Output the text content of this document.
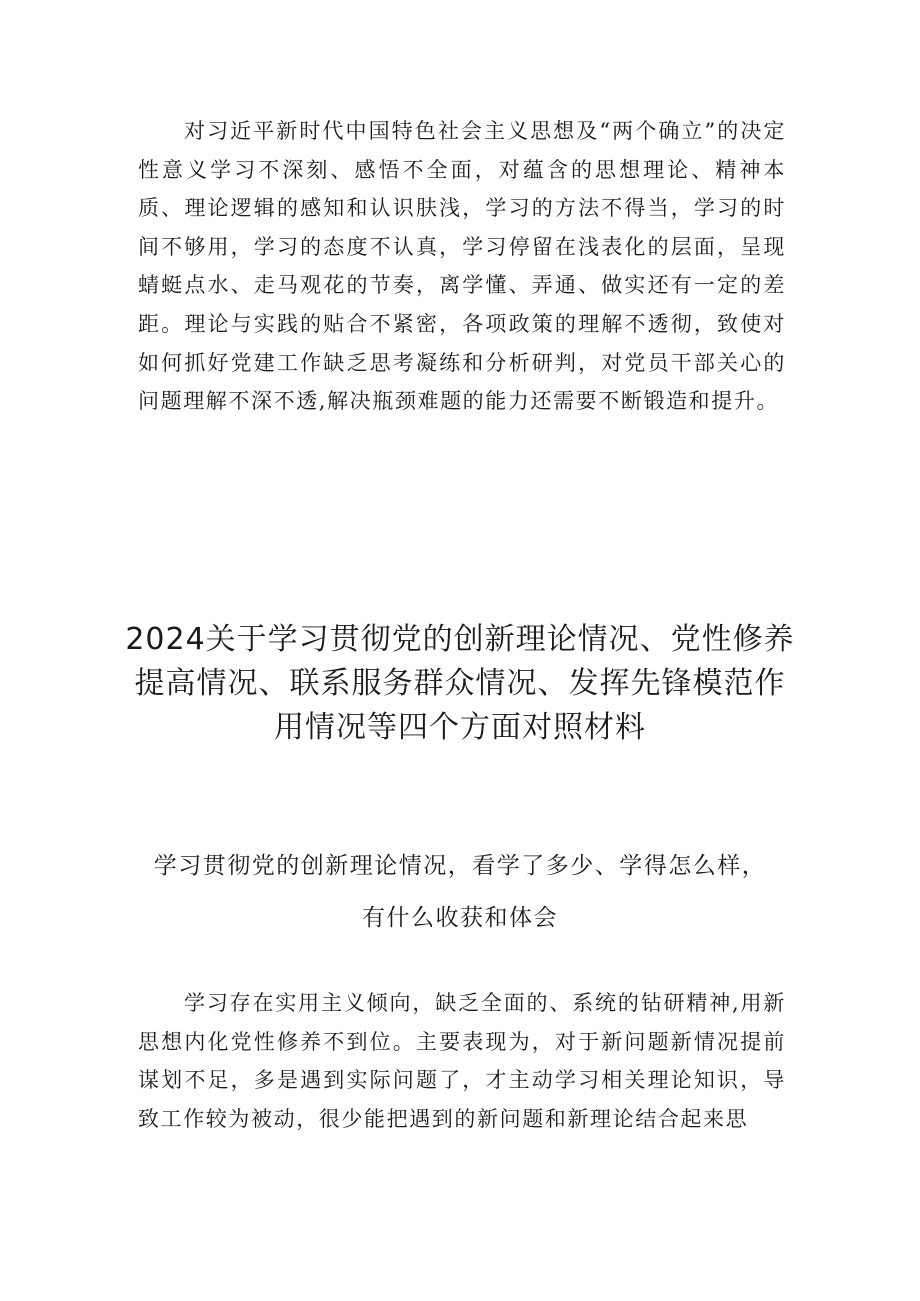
对习近平新时代中国特色社会主义思想及“两个确立”的决定性意义学习不深刻、感悟不全面，对蕴含的思想理论、精神本质、理论逻辑的感知和认识肤浅，学习的方法不得当，学习的时间不够用，学习的态度不认真，学习停留在浅表化的层面，呈现蜻蜓点水、走马观花的节奏，离学懂、弄通、做实还有一定的差距。理论与实践的贴合不紧密，各项政策的理解不透彻，致使对如何抓好党建工作缺乏思考凝练和分析研判，对党员干部关心的问题理解不深不透,解决瓶颈难题的能力还需要不断锻造和提升。

2024关于学习贯彻党的创新理论情况、党性修养提高情况、联系服务群众情况、发挥先锋模范作用情况等四个方面对照材料
学习贯彻党的创新理论情况，看学了多少、学得怎么样，有什么收获和体会

学习存在实用主义倾向，缺乏全面的、系统的钻研精神,用新思想内化党性修养不到位。主要表现为，对于新问题新情况提前谋划不足，多是遇到实际问题了，才主动学习相关理论知识，导致工作较为被动，很少能把遇到的新问题和新理论结合起来思
